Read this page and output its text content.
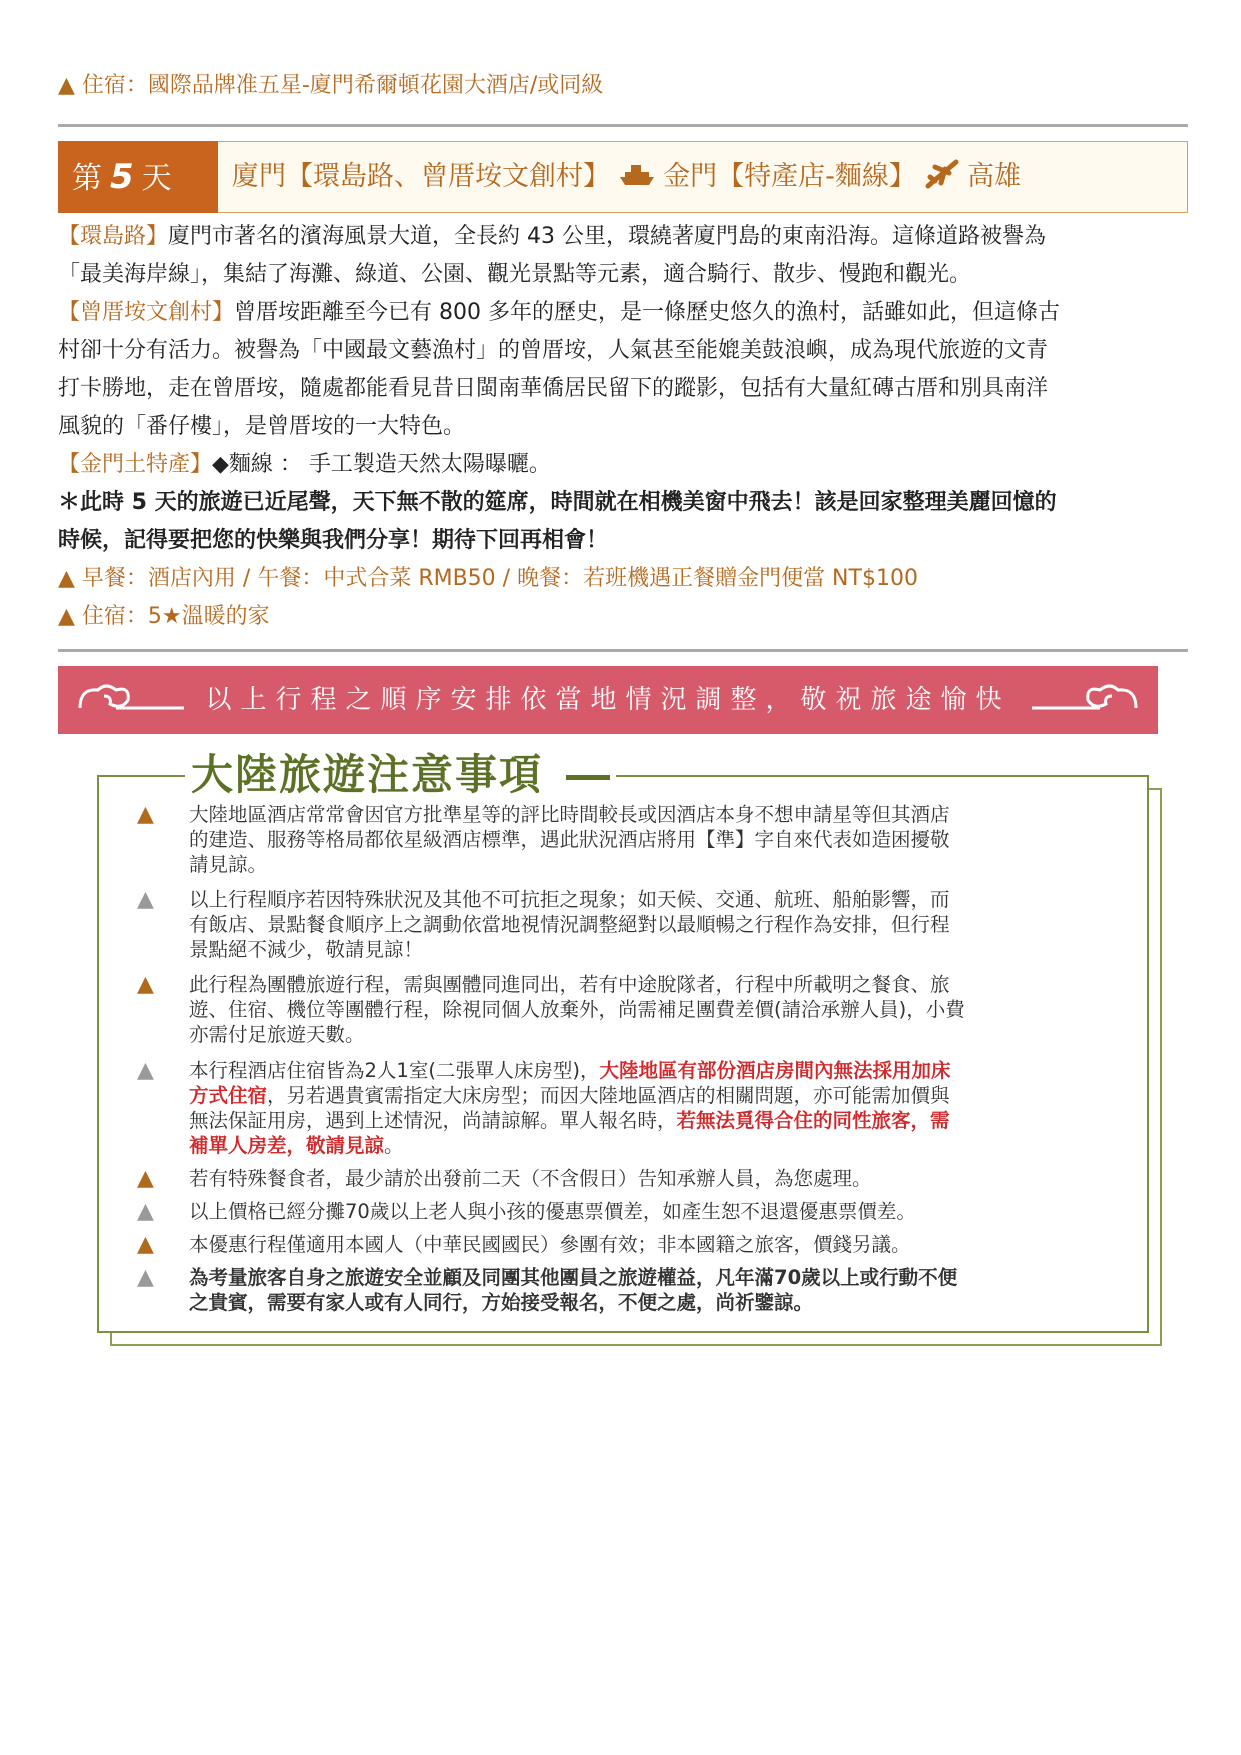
▲ 住宿：國際品牌准五星-廈門希爾頓花園大酒店/或同級
第 5 天	廈門【環島路、曾厝垵文創村】 金門【特產店-麵線】 高雄
【環島路】廈門市著名的濱海風景大道，全長約 43 公里，環繞著廈門島的東南沿海。這條道路被譽為
「最美海岸線」，集結了海灘、綠道、公園、觀光景點等元素，適合騎行、散步、慢跑和觀光。
【曾厝垵文創村】曾厝垵距離至今已有 800 多年的歷史，是一條歷史悠久的漁村，話雖如此，但這條古
村卻十分有活力。被譽為「中國最文藝漁村」的曾厝垵，人氣甚至能媲美鼓浪嶼，成為現代旅遊的文青
打卡勝地，走在曾厝垵，隨處都能看見昔日閩南華僑居民留下的蹤影，包括有大量紅磚古厝和別具南洋
風貌的「番仔樓」，是曾厝垵的一大特色。
【金門土特產】◆麵線 ： 手工製造天然太陽曝曬。
＊此時 5 天的旅遊已近尾聲，天下無不散的筵席，時間就在相機美窗中飛去！該是回家整理美麗回憶的
時候，記得要把您的快樂與我們分享！期待下回再相會！
▲ 早餐：酒店內用 / 午餐：中式合菜 RMB50 / 晚餐：若班機遇正餐贈金門便當 NT$100
▲ 住宿：5★溫暖的家
以上行程之順序安排依當地情況調整，敬祝旅途愉快
大陸旅遊注意事項
▲ 大陸地區酒店常常會因官方批準星等的評比時間較長或因酒店本身不想申請星等但其酒店
的建造、服務等格局都依星級酒店標準，遇此狀況酒店將用【準】字自來代表如造困擾敬
請見諒。
▲ 以上行程順序若因特殊狀況及其他不可抗拒之現象；如天候、交通、航班、船舶影響，而
有飯店、景點餐食順序上之調動依當地視情況調整絕對以最順暢之行程作為安排，但行程
景點絕不減少，敬請見諒！
▲ 此行程為團體旅遊行程，需與團體同進同出，若有中途脫隊者，行程中所載明之餐食、旅
遊、住宿、機位等團體行程，除視同個人放棄外，尚需補足團費差價(請洽承辦人員)，小費
亦需付足旅遊天數。
▲ 本行程酒店住宿皆為2人1室(二張單人床房型)，大陸地區有部份酒店房間內無法採用加床
方式住宿，另若遇貴賓需指定大床房型；而因大陸地區酒店的相關問題，亦可能需加價與
無法保証用房，遇到上述情況，尚請諒解。單人報名時，若無法覓得合住的同性旅客，需
補單人房差，敬請見諒。
▲ 若有特殊餐食者，最少請於出發前二天（不含假日）告知承辦人員，為您處理。
▲ 以上價格已經分攤70歲以上老人與小孩的優惠票價差，如產生恕不退還優惠票價差。
▲ 本優惠行程僅適用本國人（中華民國國民）參團有效；非本國籍之旅客，價錢另議。
▲ 為考量旅客自身之旅遊安全並顧及同團其他團員之旅遊權益，凡年滿70歲以上或行動不便
之貴賓，需要有家人或有人同行，方始接受報名，不便之處，尚祈鑒諒。
